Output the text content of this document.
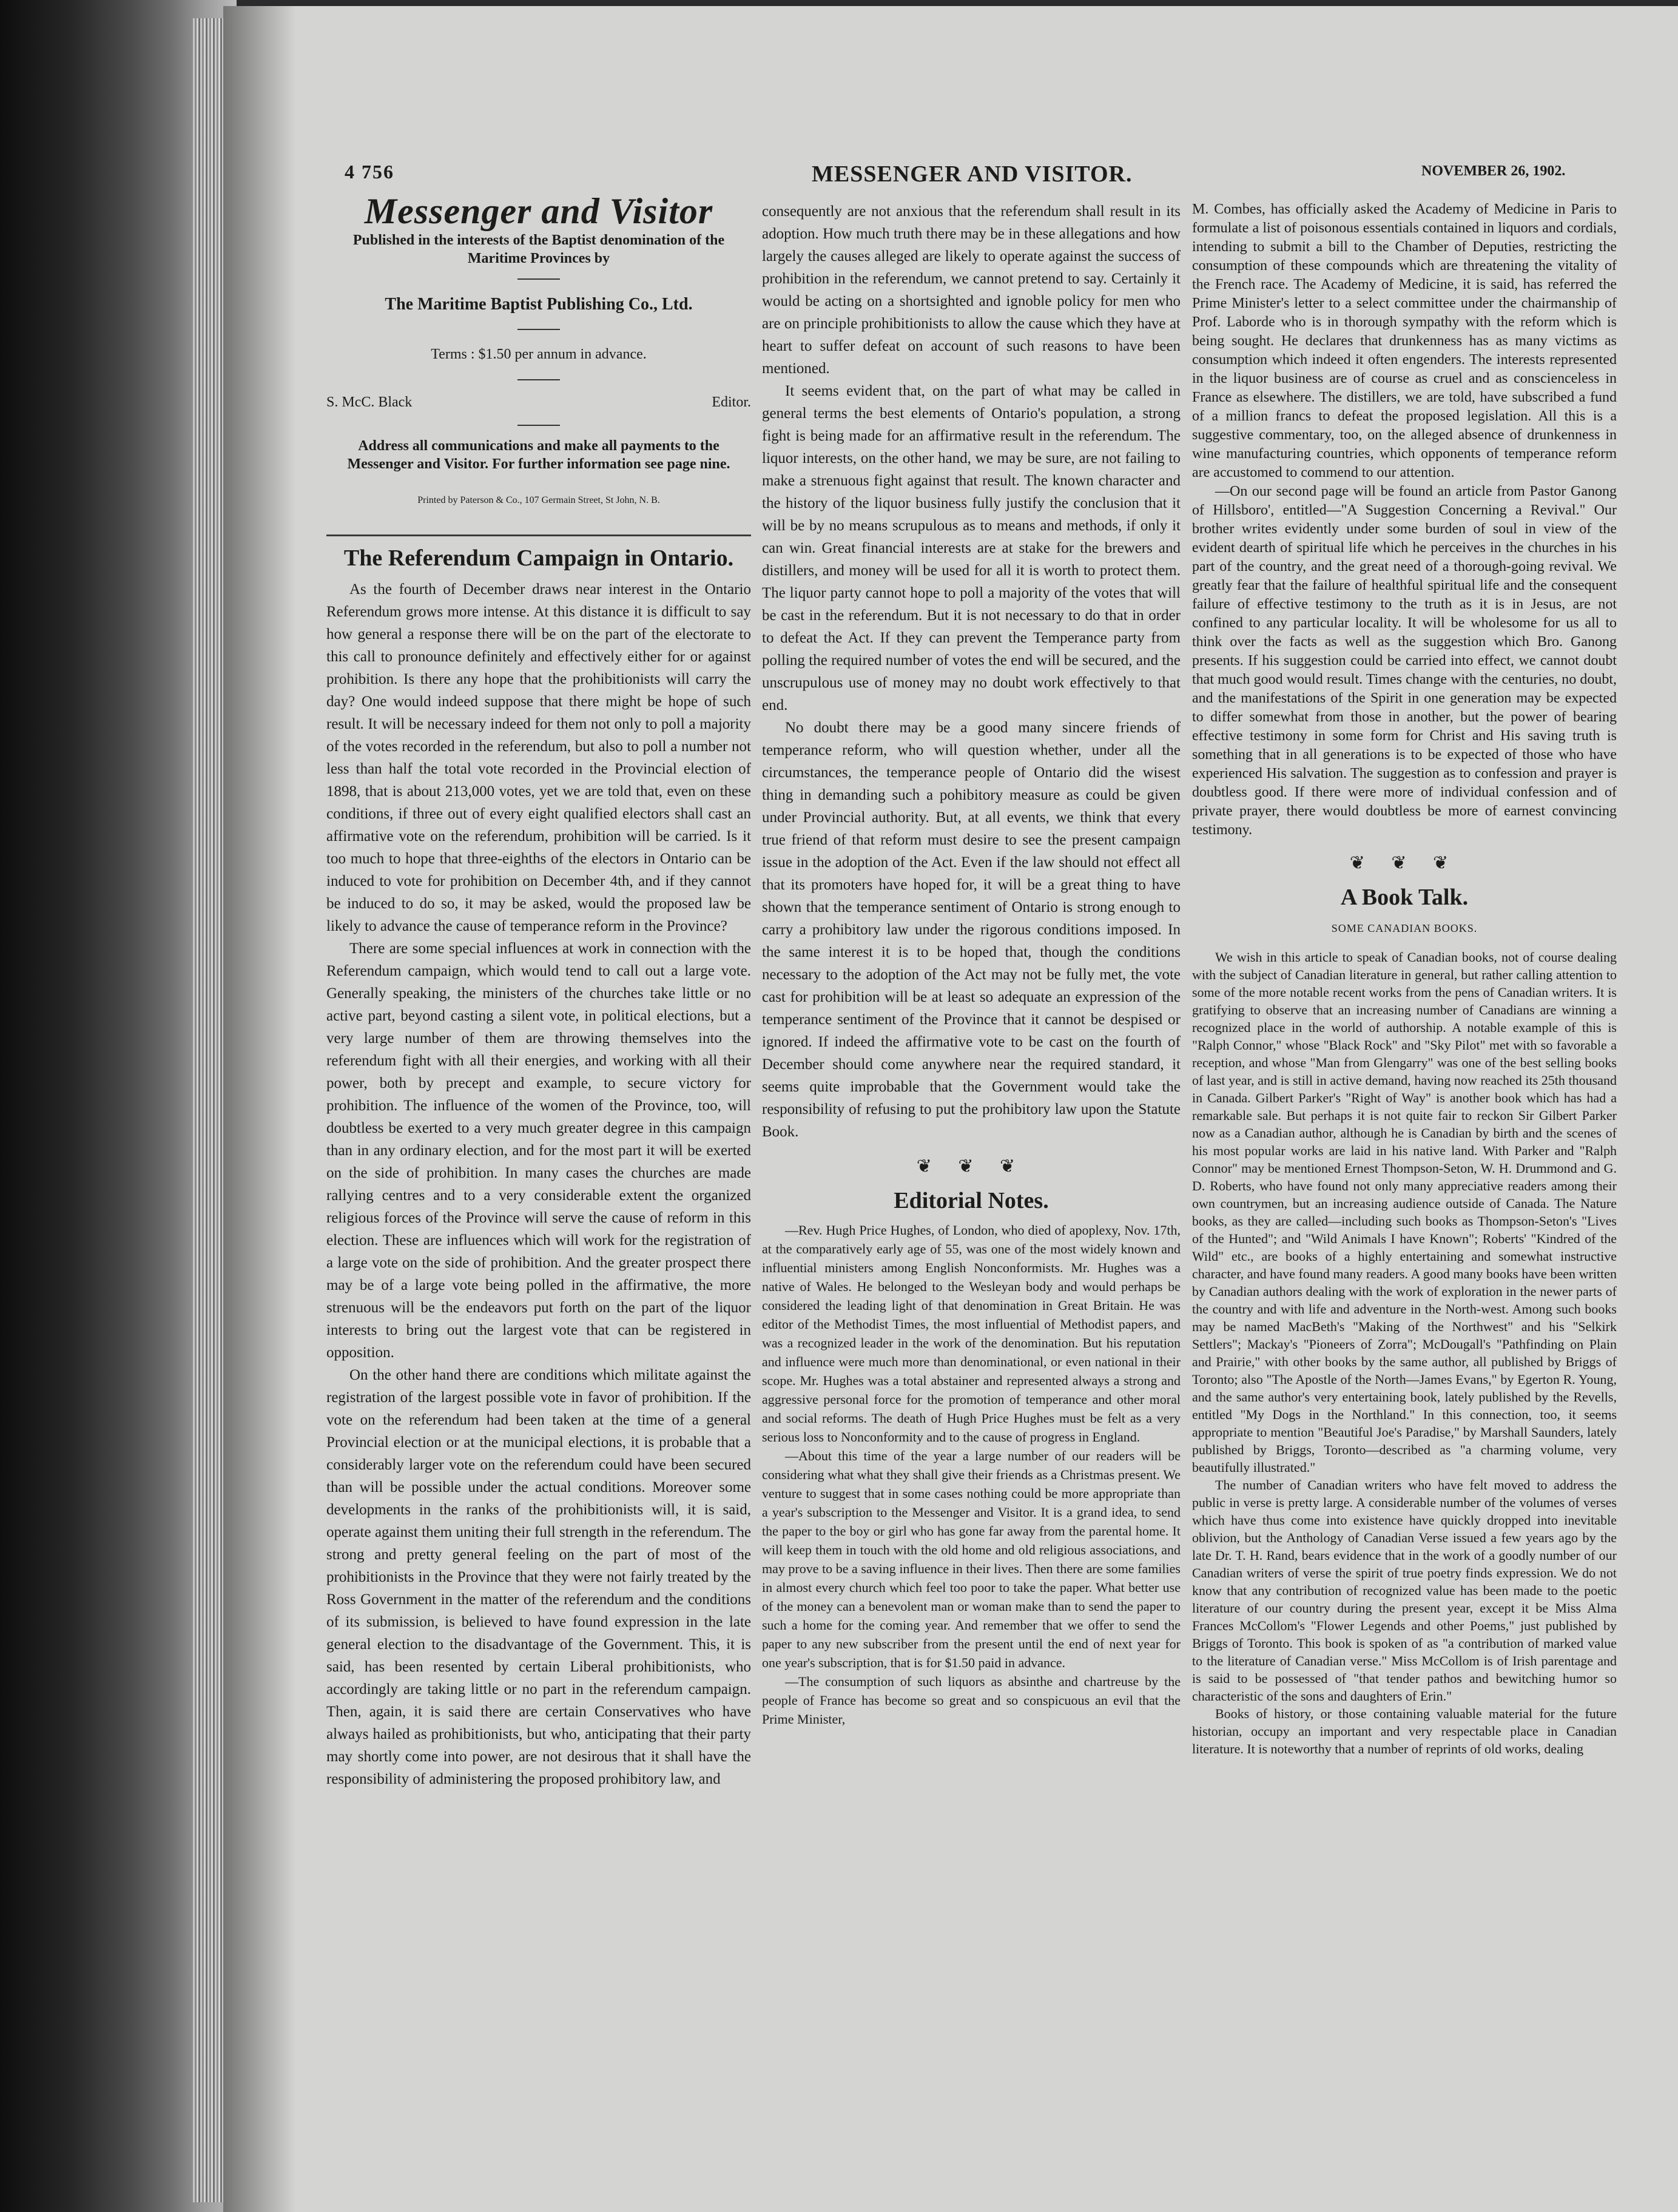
4 756	MESSENGER AND VISITOR.	NOVEMBER 26, 1902.
Messenger and Visitor

Published in the interests of the Baptist denomination of the Maritime Provinces by

The Maritime Baptist Publishing Co., Ltd.
Terms : $1.50 per annum in advance.
S. McC. Black	Editor.

Address all communications and make all payments to the Messenger and Visitor. For further information see page nine.

Printed by Paterson & Co., 107 Germain Street, St John, N. B.
The Referendum Campaign in Ontario.

As the fourth of December draws near interest in the Ontario Referendum grows more intense. At this distance it is difficult to say how general a response there will be on the part of the electorate to this call to pronounce definitely and effectively either for or against prohibition. Is there any hope that the prohibitionists will carry the day? One would indeed suppose that there might be hope of such result. It will be necessary indeed for them not only to poll a majority of the votes recorded in the referendum, but also to poll a number not less than half the total vote recorded in the Provincial election of 1898, that is about 213,000 votes, yet we are told that, even on these conditions, if three out of every eight qualified electors shall cast an affirmative vote on the referendum, prohibition will be carried. Is it too much to hope that three-eighths of the electors in Ontario can be induced to vote for prohibition on December 4th, and if they cannot be induced to do so, it may be asked, would the proposed law be likely to advance the cause of temperance reform in the Province?

There are some special influences at work in connection with the Referendum campaign, which would tend to call out a large vote. Generally speaking, the ministers of the churches take little or no active part, beyond casting a silent vote, in political elections, but a very large number of them are throwing themselves into the referendum fight with all their energies, and working with all their power, both by precept and example, to secure victory for prohibition. The influence of the women of the Province, too, will doubtless be exerted to a very much greater degree in this campaign than in any ordinary election, and for the most part it will be exerted on the side of prohibition. In many cases the churches are made rallying centres and to a very considerable extent the organized religious forces of the Province will serve the cause of reform in this election. These are influences which will work for the registration of a large vote on the side of prohibition. And the greater prospect there may be of a large vote being polled in the affirmative, the more strenuous will be the endeavors put forth on the part of the liquor interests to bring out the largest vote that can be registered in opposition.

On the other hand there are conditions which militate against the registration of the largest possible vote in favor of prohibition. If the vote on the referendum had been taken at the time of a general Provincial election or at the municipal elections, it is probable that a considerably larger vote on the referendum could have been secured than will be possible under the actual conditions. Moreover some developments in the ranks of the prohibitionists will, it is said, operate against them uniting their full strength in the referendum. The strong and pretty general feeling on the part of most of the prohibitionists in the Province that they were not fairly treated by the Ross Government in the matter of the referendum and the conditions of its submission, is believed to have found expression in the late general election to the disadvantage of the Government. This, it is said, has been resented by certain Liberal prohibitionists, who accordingly are taking little or no part in the referendum campaign. Then, again, it is said there are certain Conservatives who have always hailed as prohibitionists, but who, anticipating that their party may shortly come into power, are not desirous that it shall have the responsibility of administering the proposed prohibitory law, and

consequently are not anxious that the referendum shall result in its adoption. How much truth there may be in these allegations and how largely the causes alleged are likely to operate against the success of prohibition in the referendum, we cannot pretend to say. Certainly it would be acting on a shortsighted and ignoble policy for men who are on principle prohibitionists to allow the cause which they have at heart to suffer defeat on account of such reasons to have been mentioned.

It seems evident that, on the part of what may be called in general terms the best elements of Ontario's population, a strong fight is being made for an affirmative result in the referendum. The liquor interests, on the other hand, we may be sure, are not failing to make a strenuous fight against that result. The known character and the history of the liquor business fully justify the conclusion that it will be by no means scrupulous as to means and methods, if only it can win. Great financial interests are at stake for the brewers and distillers, and money will be used for all it is worth to protect them. The liquor party cannot hope to poll a majority of the votes that will be cast in the referendum. But it is not necessary to do that in order to defeat the Act. If they can prevent the Temperance party from polling the required number of votes the end will be secured, and the unscrupulous use of money may no doubt work effectively to that end.

No doubt there may be a good many sincere friends of temperance reform, who will question whether, under all the circumstances, the temperance people of Ontario did the wisest thing in demanding such a pohibitory measure as could be given under Provincial authority. But, at all events, we think that every true friend of that reform must desire to see the present campaign issue in the adoption of the Act. Even if the law should not effect all that its promoters have hoped for, it will be a great thing to have shown that the temperance sentiment of Ontario is strong enough to carry a prohibitory law under the rigorous conditions imposed. In the same interest it is to be hoped that, though the conditions necessary to the adoption of the Act may not be fully met, the vote cast for prohibition will be at least so adequate an expression of the temperance sentiment of the Province that it cannot be despised or ignored. If indeed the affirmative vote to be cast on the fourth of December should come anywhere near the required standard, it seems quite improbable that the Government would take the responsibility of refusing to put the prohibitory law upon the Statute Book.

❦ ❦ ❦
Editorial Notes.

—Rev. Hugh Price Hughes, of London, who died of apoplexy, Nov. 17th, at the comparatively early age of 55, was one of the most widely known and influential ministers among English Nonconformists. Mr. Hughes was a native of Wales. He belonged to the Wesleyan body and would perhaps be considered the leading light of that denomination in Great Britain. He was editor of the Methodist Times, the most influential of Methodist papers, and was a recognized leader in the work of the denomination. But his reputation and influence were much more than denominational, or even national in their scope. Mr. Hughes was a total abstainer and represented always a strong and aggressive personal force for the promotion of temperance and other moral and social reforms. The death of Hugh Price Hughes must be felt as a very serious loss to Nonconformity and to the cause of progress in England.

—About this time of the year a large number of our readers will be considering what what they shall give their friends as a Christmas present. We venture to suggest that in some cases nothing could be more appropriate than a year's subscription to the Messenger and Visitor. It is a grand idea, to send the paper to the boy or girl who has gone far away from the parental home. It will keep them in touch with the old home and old religious associations, and may prove to be a saving influence in their lives. Then there are some families in almost every church which feel too poor to take the paper. What better use of the money can a benevolent man or woman make than to send the paper to such a home for the coming year. And remember that we offer to send the paper to any new subscriber from the present until the end of next year for one year's subscription, that is for $1.50 paid in advance.

—The consumption of such liquors as absinthe and chartreuse by the people of France has become so great and so conspicuous an evil that the Prime Minister,

M. Combes, has officially asked the Academy of Medicine in Paris to formulate a list of poisonous essentials contained in liquors and cordials, intending to submit a bill to the Chamber of Deputies, restricting the consumption of these compounds which are threatening the vitality of the French race. The Academy of Medicine, it is said, has referred the Prime Minister's letter to a select committee under the chairmanship of Prof. Laborde who is in thorough sympathy with the reform which is being sought. He declares that drunkenness has as many victims as consumption which indeed it often engenders. The interests represented in the liquor business are of course as cruel and as conscienceless in France as elsewhere. The distillers, we are told, have subscribed a fund of a million francs to defeat the proposed legislation. All this is a suggestive commentary, too, on the alleged absence of drunkenness in wine manufacturing countries, which opponents of temperance reform are accustomed to commend to our attention.

—On our second page will be found an article from Pastor Ganong of Hillsboro', entitled—"A Suggestion Concerning a Revival." Our brother writes evidently under some burden of soul in view of the evident dearth of spiritual life which he perceives in the churches in his part of the country, and the great need of a thorough-going revival. We greatly fear that the failure of healthful spiritual life and the consequent failure of effective testimony to the truth as it is in Jesus, are not confined to any particular locality. It will be wholesome for us all to think over the facts as well as the suggestion which Bro. Ganong presents. If his suggestion could be carried into effect, we cannot doubt that much good would result. Times change with the centuries, no doubt, and the manifestations of the Spirit in one generation may be expected to differ somewhat from those in another, but the power of bearing effective testimony in some form for Christ and His saving truth is something that in all generations is to be expected of those who have experienced His salvation. The suggestion as to confession and prayer is doubtless good. If there were more of individual confession and of private prayer, there would doubtless be more of earnest convincing testimony.

❦ ❦ ❦
A Book Talk.
SOME CANADIAN BOOKS.

We wish in this article to speak of Canadian books, not of course dealing with the subject of Canadian literature in general, but rather calling attention to some of the more notable recent works from the pens of Canadian writers. It is gratifying to observe that an increasing number of Canadians are winning a recognized place in the world of authorship. A notable example of this is "Ralph Connor," whose "Black Rock" and "Sky Pilot" met with so favorable a reception, and whose "Man from Glengarry" was one of the best selling books of last year, and is still in active demand, having now reached its 25th thousand in Canada. Gilbert Parker's "Right of Way" is another book which has had a remarkable sale. But perhaps it is not quite fair to reckon Sir Gilbert Parker now as a Canadian author, although he is Canadian by birth and the scenes of his most popular works are laid in his native land. With Parker and "Ralph Connor" may be mentioned Ernest Thompson-Seton, W. H. Drummond and G. D. Roberts, who have found not only many appreciative readers among their own countrymen, but an increasing audience outside of Canada. The Nature books, as they are called—including such books as Thompson-Seton's "Lives of the Hunted"; and "Wild Animals I have Known"; Roberts' "Kindred of the Wild" etc., are books of a highly entertaining and somewhat instructive character, and have found many readers. A good many books have been written by Canadian authors dealing with the work of exploration in the newer parts of the country and with life and adventure in the North-west. Among such books may be named MacBeth's "Making of the Northwest" and his "Selkirk Settlers"; Mackay's "Pioneers of Zorra"; McDougall's "Pathfinding on Plain and Prairie," with other books by the same author, all published by Briggs of Toronto; also "The Apostle of the North—James Evans," by Egerton R. Young, and the same author's very entertaining book, lately published by the Revells, entitled "My Dogs in the Northland." In this connection, too, it seems appropriate to mention "Beautiful Joe's Paradise," by Marshall Saunders, lately published by Briggs, Toronto—described as "a charming volume, very beautifully illustrated."

The number of Canadian writers who have felt moved to address the public in verse is pretty large. A considerable number of the volumes of verses which have thus come into existence have quickly dropped into inevitable oblivion, but the Anthology of Canadian Verse issued a few years ago by the late Dr. T. H. Rand, bears evidence that in the work of a goodly number of our Canadian writers of verse the spirit of true poetry finds expression. We do not know that any contribution of recognized value has been made to the poetic literature of our country during the present year, except it be Miss Alma Frances McCollom's "Flower Legends and other Poems," just published by Briggs of Toronto. This book is spoken of as "a contribution of marked value to the literature of Canadian verse." Miss McCollom is of Irish parentage and is said to be possessed of "that tender pathos and bewitching humor so characteristic of the sons and daughters of Erin."

Books of history, or those containing valuable material for the future historian, occupy an important and very respectable place in Canadian literature. It is noteworthy that a number of reprints of old works, dealing
